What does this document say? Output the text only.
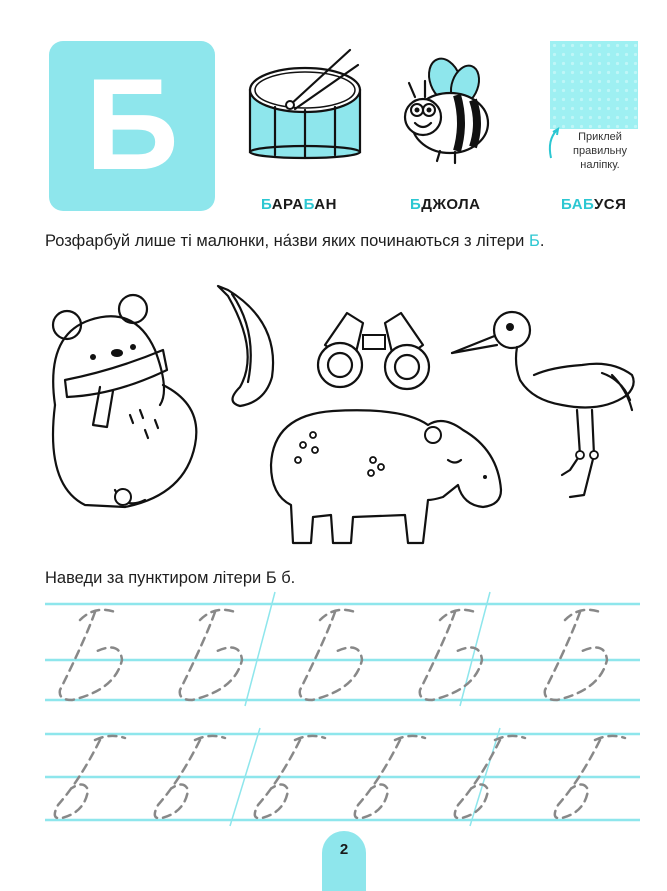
Б	Приклей правильну наліпку.
БАРАБАН	БДЖОЛА	БАБУСЯ
Розфарбуй лише ті малюнки, на́зви яких починаються з літери Б.
Наведи за пунктиром літери Б б.
2
